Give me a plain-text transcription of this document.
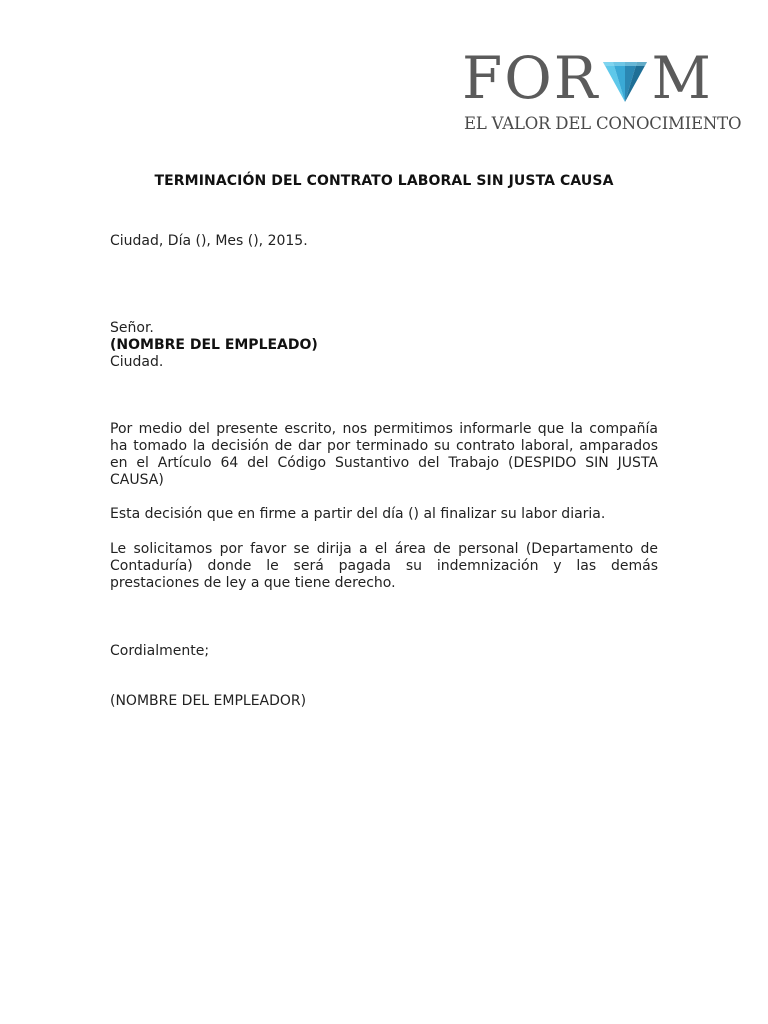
FOR M
EL VALOR DEL CONOCIMIENTO
TERMINACIÓN DEL CONTRATO LABORAL SIN JUSTA CAUSA
Ciudad, Día (), Mes (), 2015.
Señor.
(NOMBRE DEL EMPLEADO)
Ciudad.
Por medio del presente escrito, nos permitimos informarle que la compañía ha tomado la decisión de dar por terminado su contrato laboral, amparados en el Artículo 64 del Código Sustantivo del Trabajo (DESPIDO SIN JUSTA CAUSA)
Esta decisión que en firme a partir del día () al finalizar su labor diaria.
Le solicitamos por favor se dirija a el área de personal (Departamento de Contaduría) donde le será pagada su indemnización y las demás prestaciones de ley a que tiene derecho.
Cordialmente;
(NOMBRE DEL EMPLEADOR)
